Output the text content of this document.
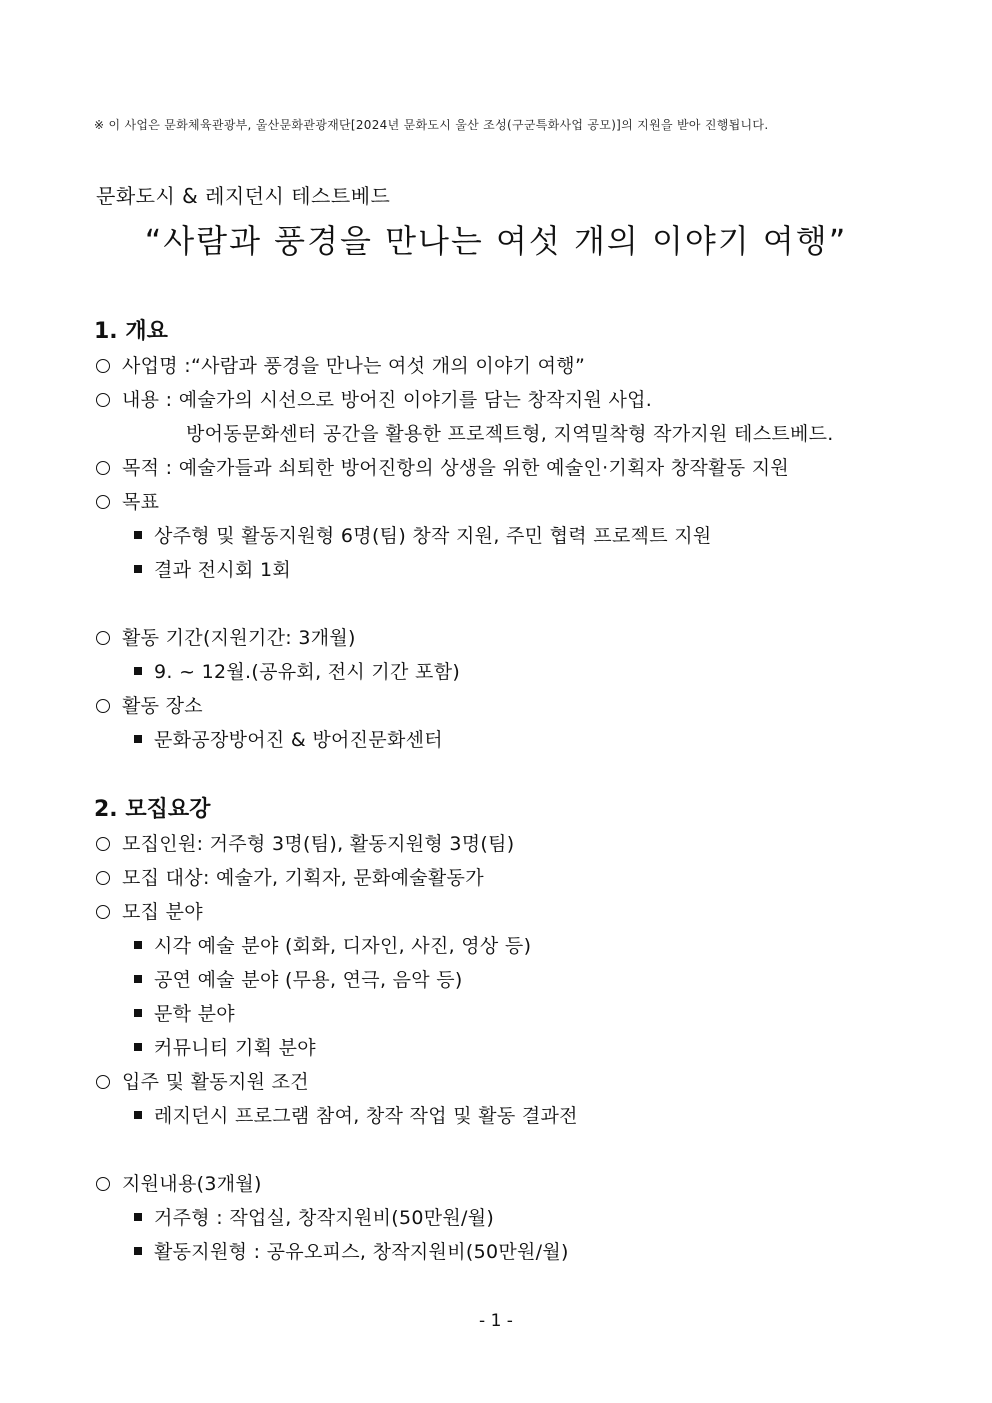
※ 이 사업은 문화체육관광부, 울산문화관광재단[2024년 문화도시 울산 조성(구군특화사업 공모)]의 지원을 받아 진행됩니다.
문화도시 & 레지던시 테스트베드
“사람과 풍경을 만나는 여섯 개의 이야기 여행”
1. 개요
사업명 :“사람과 풍경을 만나는 여섯 개의 이야기 여행”
내용 : 예술가의 시선으로 방어진 이야기를 담는 창작지원 사업.
방어동문화센터 공간을 활용한 프로젝트형, 지역밀착형 작가지원 테스트베드.
목적 : 예술가들과 쇠퇴한 방어진항의 상생을 위한 예술인·기획자 창작활동 지원
목표
상주형 및 활동지원형 6명(팀) 창작 지원, 주민 협력 프로젝트 지원
결과 전시회 1회
활동 기간(지원기간: 3개월)
9. ~ 12월.(공유회, 전시 기간 포함)
활동 장소
문화공장방어진 & 방어진문화센터
2. 모집요강
모집인원: 거주형 3명(팀), 활동지원형 3명(팀)
모집 대상: 예술가, 기획자, 문화예술활동가
모집 분야
시각 예술 분야 (회화, 디자인, 사진, 영상 등)
공연 예술 분야 (무용, 연극, 음악 등)
문학 분야
커뮤니티 기획 분야
입주 및 활동지원 조건
레지던시 프로그램 참여, 창작 작업 및 활동 결과전
지원내용(3개월)
거주형 : 작업실, 창작지원비(50만원/월)
활동지원형 : 공유오피스, 창작지원비(50만원/월)
- 1 -
